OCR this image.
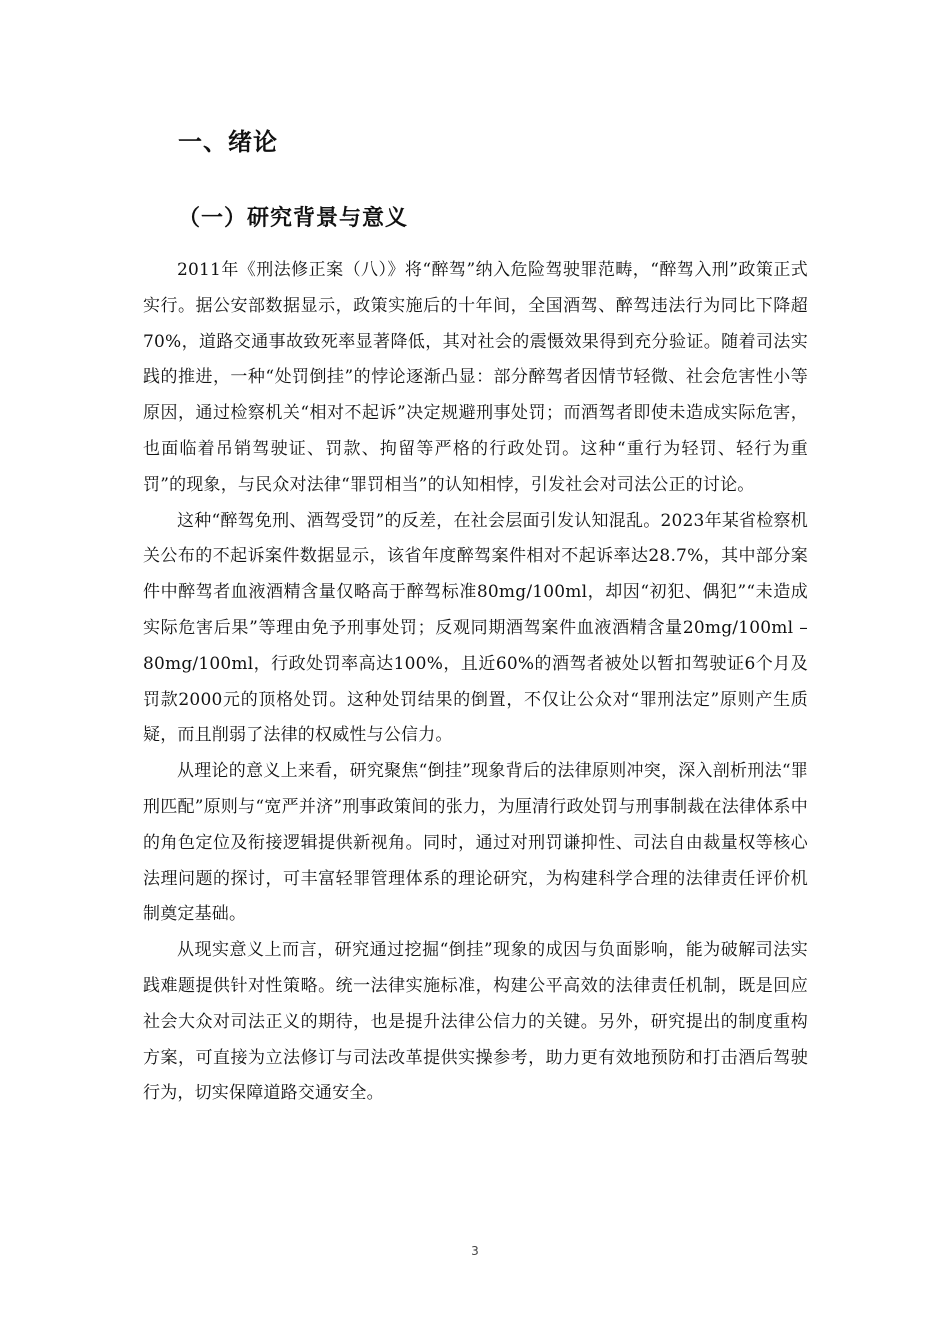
一、绪论
（一）研究背景与意义

2011年《刑法修正案（八）》将“醉驾”纳入危险驾驶罪范畴，“醉驾入刑”政策正式实行。据公安部数据显示，政策实施后的十年间，全国酒驾、醉驾违法行为同比下降超70%，道路交通事故致死率显著降低，其对社会的震慑效果得到充分验证。随着司法实践的推进，一种“处罚倒挂”的悖论逐渐凸显：部分醉驾者因情节轻微、社会危害性小等原因，通过检察机关“相对不起诉”决定规避刑事处罚；而酒驾者即使未造成实际危害，也面临着吊销驾驶证、罚款、拘留等严格的行政处罚。这种“重行为轻罚、轻行为重罚”的现象，与民众对法律“罪罚相当”的认知相悖，引发社会对司法公正的讨论。

这种“醉驾免刑、酒驾受罚”的反差，在社会层面引发认知混乱。2023年某省检察机关公布的不起诉案件数据显示，该省年度醉驾案件相对不起诉率达28.7%，其中部分案件中醉驾者血液酒精含量仅略高于醉驾标准80mg/100ml，却因“初犯、偶犯”“未造成实际危害后果”等理由免予刑事处罚；反观同期酒驾案件血液酒精含量20mg/100ml – 80mg/100ml，行政处罚率高达100%，且近60%的酒驾者被处以暂扣驾驶证6个月及罚款2000元的顶格处罚。这种处罚结果的倒置，不仅让公众对“罪刑法定”原则产生质疑，而且削弱了法律的权威性与公信力。

从理论的意义上来看，研究聚焦“倒挂”现象背后的法律原则冲突，深入剖析刑法“罪刑匹配”原则与“宽严并济”刑事政策间的张力，为厘清行政处罚与刑事制裁在法律体系中的角色定位及衔接逻辑提供新视角。同时，通过对刑罚谦抑性、司法自由裁量权等核心法理问题的探讨，可丰富轻罪管理体系的理论研究，为构建科学合理的法律责任评价机制奠定基础。

从现实意义上而言，研究通过挖掘“倒挂”现象的成因与负面影响，能为破解司法实践难题提供针对性策略。统一法律实施标准，构建公平高效的法律责任机制，既是回应社会大众对司法正义的期待，也是提升法律公信力的关键。另外，研究提出的制度重构方案，可直接为立法修订与司法改革提供实操参考，助力更有效地预防和打击酒后驾驶行为，切实保障道路交通安全。

3
